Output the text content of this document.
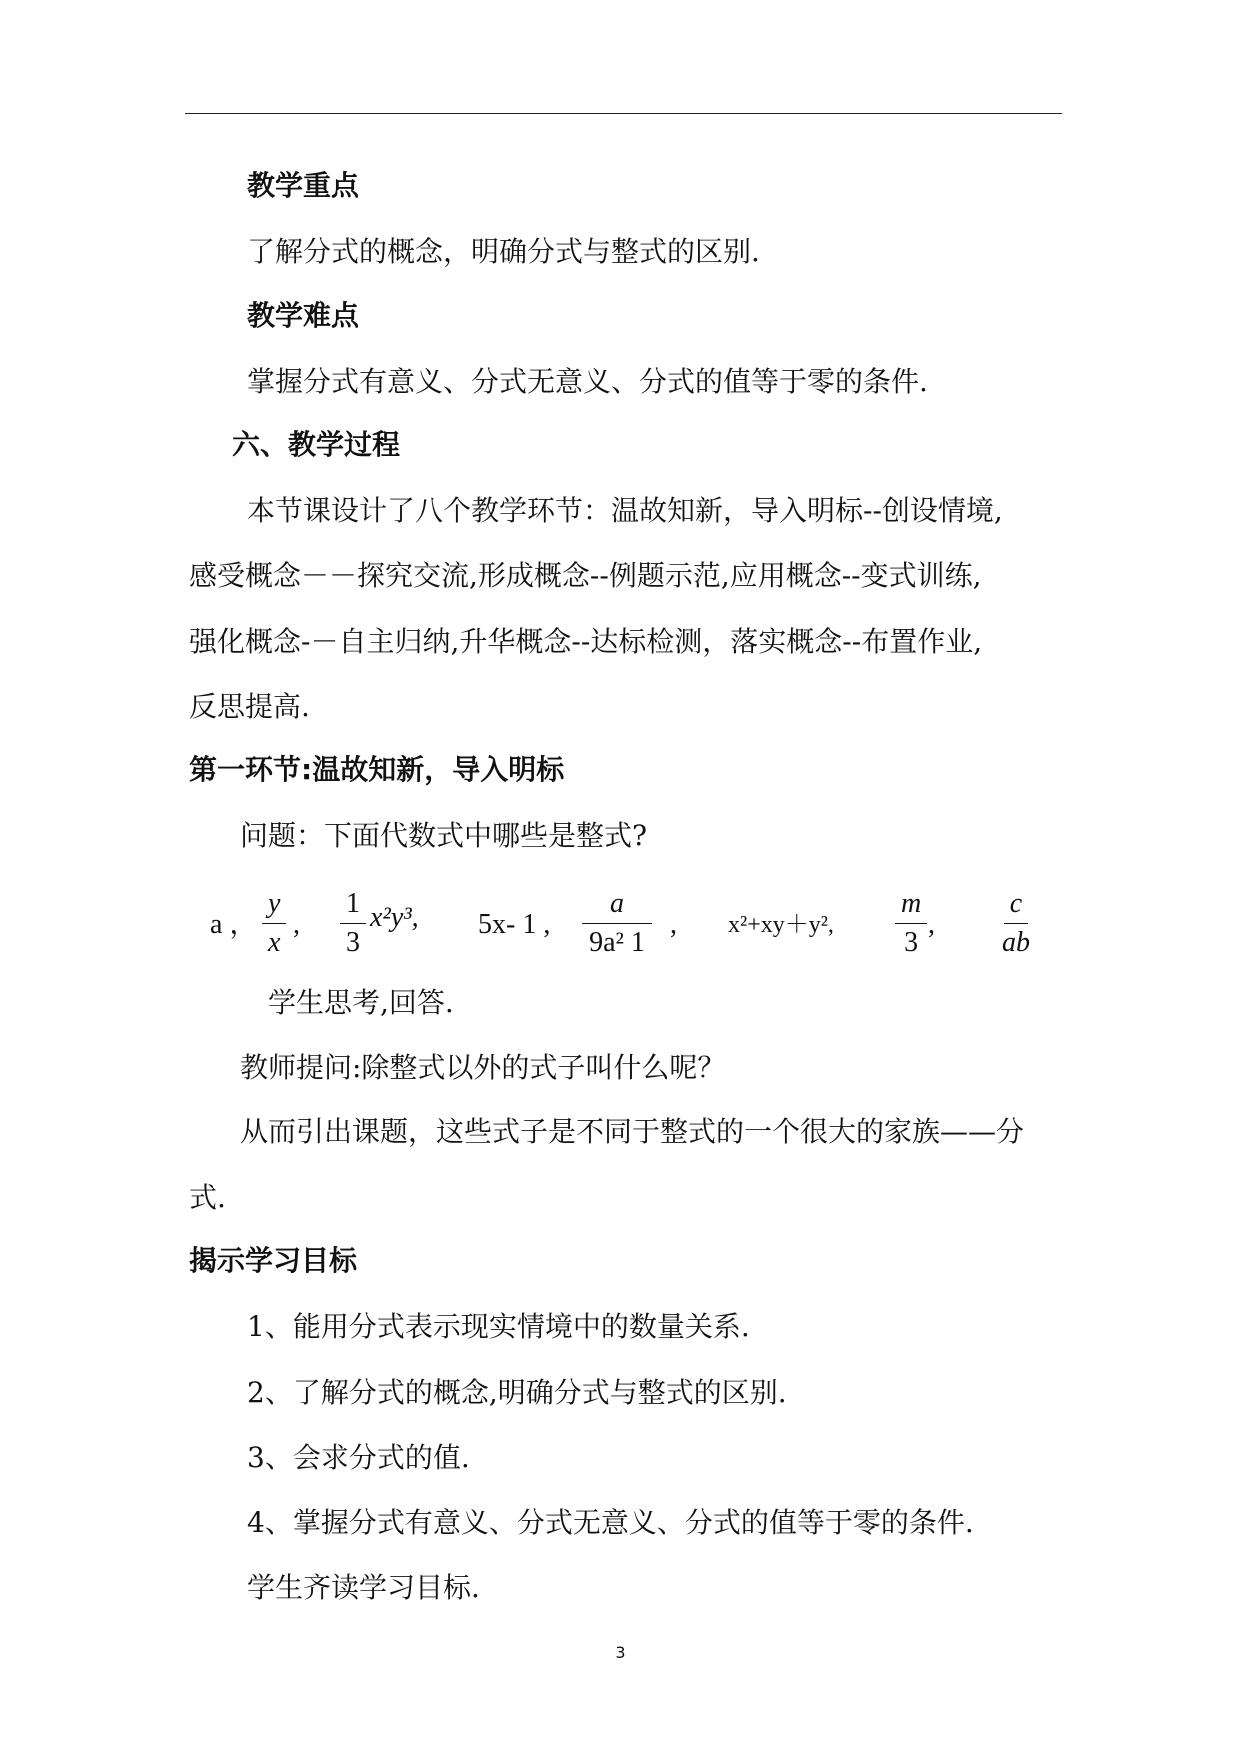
教学重点
了解分式的概念，明确分式与整式的区别.
教学难点
掌握分式有意义、分式无意义、分式的值等于零的条件.
六、教学过程
本节课设计了八个教学环节：温故知新，导入明标--创设情境,
感受概念－－探究交流,形成概念--例题示范,应用概念--变式训练,
强化概念-－自主归纳,升华概念--达标检测，落实概念--布置作业,
反思提高.
第一环节:温故知新，导入明标
问题：下面代数式中哪些是整式?
a ， $\frac{y}{x}$ , $\frac{1}{3} x^2y^3$, 5x- 1 , $\frac{a}{\text{9a² 1}}$ , x²+xy＋y², $\frac{m}{3}$ , $\frac{c}{ab}$
学生思考,回答.
教师提问:除整式以外的式子叫什么呢？
从而引出课题，这些式子是不同于整式的一个很大的家族——分
式.
揭示学习目标
1、能用分式表示现实情境中的数量关系.
2、了解分式的概念,明确分式与整式的区别.
3、会求分式的值.
4、掌握分式有意义、分式无意义、分式的值等于零的条件.
学生齐读学习目标.
3
